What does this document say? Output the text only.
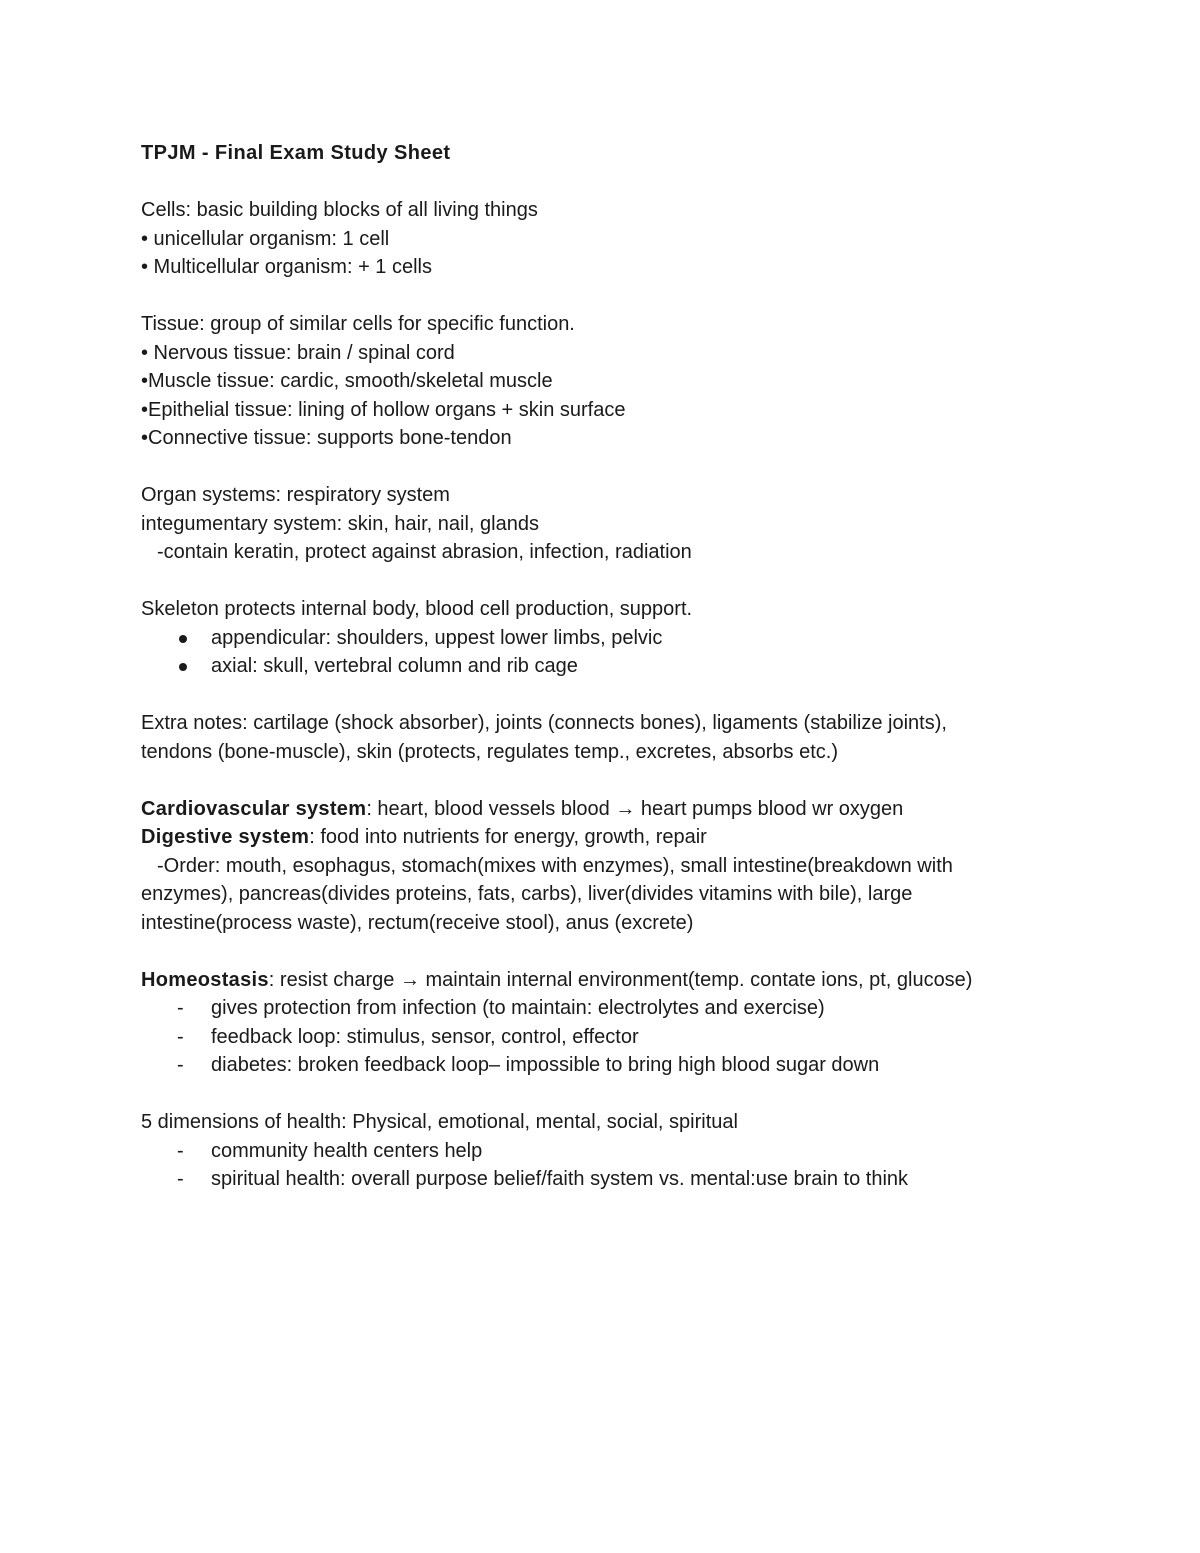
TPJM - Final Exam Study Sheet
Cells: basic building blocks of all living things
• unicellular organism: 1 cell
• Multicellular organism: + 1 cells
Tissue: group of similar cells for specific function.
• Nervous tissue: brain / spinal cord
•Muscle tissue: cardic, smooth/skeletal muscle
•Epithelial tissue: lining of hollow organs + skin surface
•Connective tissue: supports bone-tendon
Organ systems: respiratory system
integumentary system: skin, hair, nail, glands
-contain keratin, protect against abrasion, infection, radiation
Skeleton protects internal body, blood cell production, support.
appendicular: shoulders, uppest lower limbs, pelvic
axial: skull, vertebral column and rib cage
Extra notes: cartilage (shock absorber), joints (connects bones), ligaments (stabilize joints),
tendons (bone-muscle), skin (protects, regulates temp., excretes, absorbs etc.)
Cardiovascular system: heart, blood vessels blood → heart pumps blood wr oxygen
Digestive system: food into nutrients for energy, growth, repair
-Order: mouth, esophagus, stomach(mixes with enzymes), small intestine(breakdown with
enzymes), pancreas(divides proteins, fats, carbs), liver(divides vitamins with bile), large
intestine(process waste), rectum(receive stool), anus (excrete)
Homeostasis: resist charge → maintain internal environment(temp. contate ions, pt, glucose)
- gives protection from infection (to maintain: electrolytes and exercise)
- feedback loop: stimulus, sensor, control, effector
- diabetes: broken feedback loop– impossible to bring high blood sugar down
5 dimensions of health: Physical, emotional, mental, social, spiritual
- community health centers help
- spiritual health: overall purpose belief/faith system vs. mental:use brain to think
